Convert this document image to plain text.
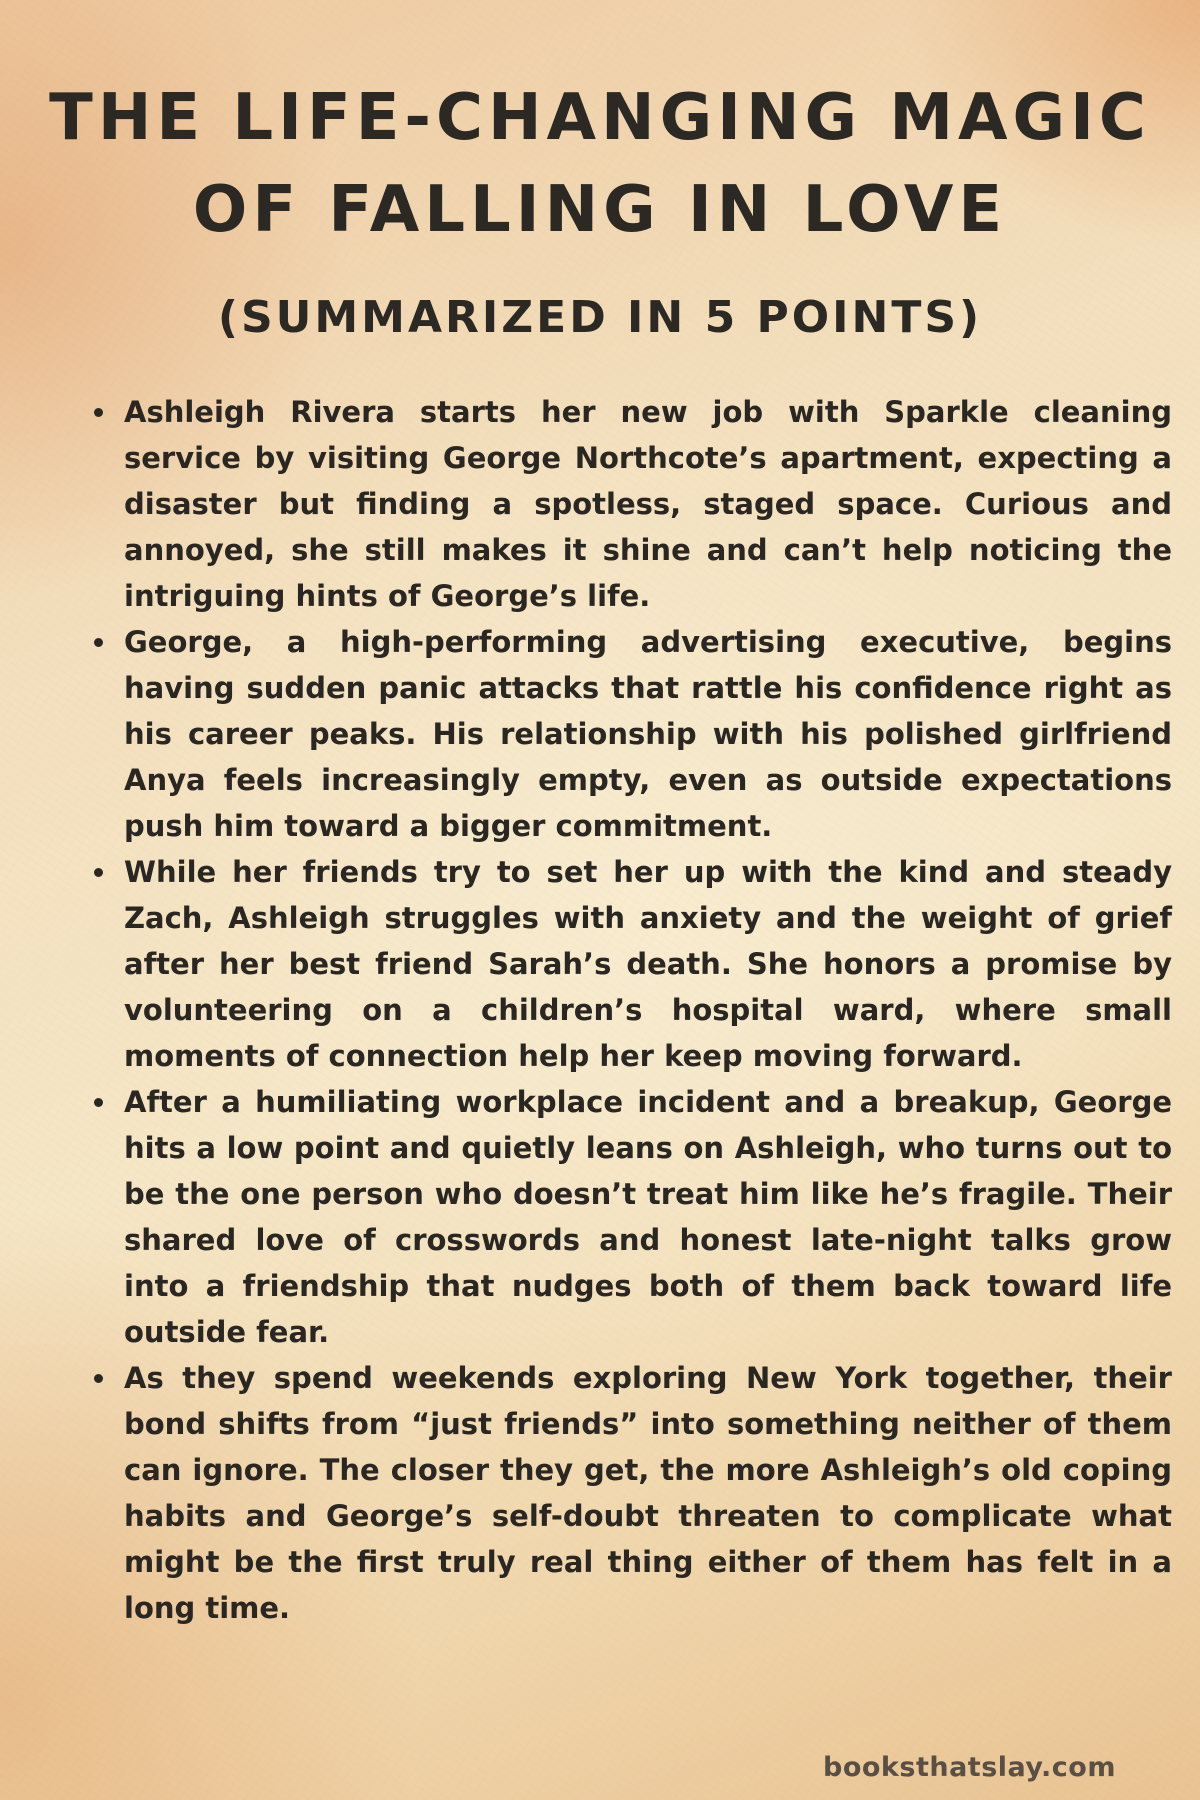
THE LIFE-CHANGING MAGIC
OF FALLING IN LOVE
(SUMMARIZED IN 5 POINTS)
Ashleigh Rivera starts her new job with Sparkle cleaning service by visiting George Northcote’s apartment, expecting a disaster but finding a spotless, staged space. Curious and annoyed, she still makes it shine and can’t help noticing the intriguing hints of George’s life.
George, a high-performing advertising executive, begins having sudden panic attacks that rattle his confidence right as his career peaks. His relationship with his polished girlfriend Anya feels increasingly empty, even as outside expectations push him toward a bigger commitment.
While her friends try to set her up with the kind and steady Zach, Ashleigh struggles with anxiety and the weight of grief after her best friend Sarah’s death. She honors a promise by volunteering on a children’s hospital ward, where small moments of connection help her keep moving forward.
After a humiliating workplace incident and a breakup, George hits a low point and quietly leans on Ashleigh, who turns out to be the one person who doesn’t treat him like he’s fragile. Their shared love of crosswords and honest late-night talks grow into a friendship that nudges both of them back toward life outside fear.
As they spend weekends exploring New York together, their bond shifts from “just friends” into something neither of them can ignore. The closer they get, the more Ashleigh’s old coping habits and George’s self-doubt threaten to complicate what might be the first truly real thing either of them has felt in a long time.
booksthatslay.com
